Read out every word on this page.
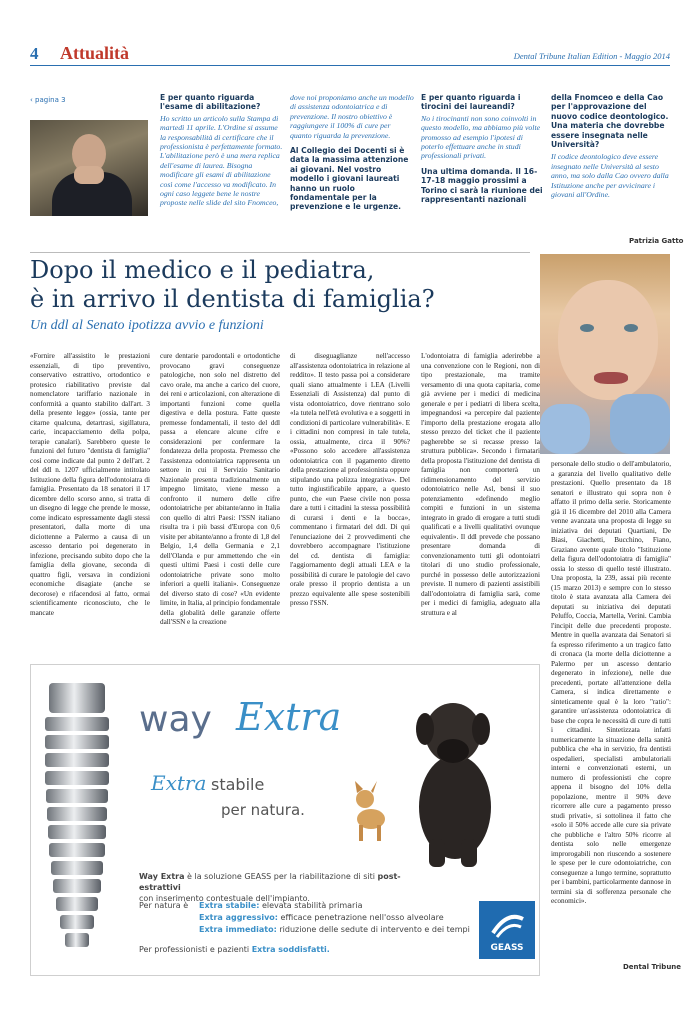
4 Attualità	Dental Tribune Italian Edition - Maggio 2014
‹ pagina 3	E per quanto riguarda l'esame di abilitazione?
Ho scritto un articolo sulla Stampa di martedì 11 aprile. L'Ordine si assume la responsabilità di certificare che il professionista è perfettamente formato. L'abilitazione però è una mera replica dell'esame di laurea. Bisogna modificare gli esami di abilitazione così come l'accesso va modificato. In ogni caso leggete bene le nostre proposte nelle slide del sito Fnomceo,
dove noi proponiamo anche un modello di assistenza odontoiatrica e di prevenzione. Il nostro obiettivo è raggiungere il 100% di cure per quanto riguarda la prevenzione.
Al Collegio dei Docenti si è data la massima attenzione ai giovani. Nel vostro modello i giovani laureati hanno un ruolo fondamentale per la prevenzione e le urgenze.
E per quanto riguarda i tirocini dei laureandi?
No i tirocinanti non sono coinvolti in questo modello, ma abbiamo più volte promosso ad esempio l'ipotesi di poterlo effettuare anche in studi professionali privati.
Una ultima domanda. Il 16-17-18 maggio prossimi a Torino ci sarà la riunione dei rappresentanti nazionali
della Fnomceo e della Cao per l'approvazione del nuovo codice deontologico. Una materia che dovrebbe essere insegnata nelle Università?
Il codice deontologico deve essere insegnato nelle Università al sesto anno, ma solo dalla Cao ovvero dalla Istituzione anche per avvicinare i giovani all'Ordine.
Patrizia Gatto
Dopo il medico e il pediatra,
è in arrivo il dentista di famiglia?
Un ddl al Senato ipotizza avvio e funzioni

«Fornire all'assistito le prestazioni essenziali, di tipo preventivo, conservativo estrattivo, ortodontico e protesico riabilitativo previste dal nomenclatore tariffario nazionale in conformità a quanto stabilito dall'art. 3 della presente legge» (ossia, tante per citarne qualcuna, detartrasi, sigillatura, carie, incapacciamento della polpa, terapie canalari). Sarebbero queste le funzioni del futuro "dentista di famiglia" così come indicate dal punto 2 dell'art. 2 del ddl n. 1207 ufficialmente intitolato Istituzione della figura dell'odontoiatra di famiglia. Presentato da 18 senatori il 17 dicembre dello scorso anno, si tratta di un disegno di legge che prende le mosse, come indicato espressamente dagli stessi presentatori, dalla morte di una diciottenne a Palermo a causa di un ascesso dentario poi degenerato in infezione, precisando subito dopo che la famiglia della giovane, seconda di quattro figli, versava in condizioni economiche disagiate (anche se decorose) e rifacendosi al fatto, ormai scientificamente riconosciuto, che le mancate

cure dentarie parodontali e ortodontiche provocano gravi conseguenze patologiche, non solo nel distretto del cavo orale, ma anche a carico del cuore, dei reni e articolazioni, con alterazione di importanti funzioni come quella digestiva e della postura. Fatte queste premesse fondamentali, il testo del ddl passa a elencare alcune cifre e considerazioni per confermare la fondatezza della proposta. Premesso che l'assistenza odontoiatrica rappresenta un settore in cui il Servizio Sanitario Nazionale presenta tradizionalmente un impegno limitato, viene messo a confronto il numero delle cifre odontoiatriche per abitante/anno in Italia con quello di altri Paesi: l'SSN italiano risulta tra i più bassi d'Europa con 0,6 visite per abitante/anno a fronte di 1,8 del Belgio, 1,4 della Germania e 2,1 dell'Olanda e pur ammettendo che «in questi ultimi Paesi i costi delle cure odontoiatriche private sono molto inferiori a quelli italiani». Conseguenze del diverso stato di cose? «Un evidente limite, in Italia, al principio fondamentale della globalità delle garanzie offerte dall'SSN e la creazione

di diseguaglianze nell'accesso all'assistenza odontoiatrica in relazione al reddito». Il testo passa poi a considerare quali siano attualmente i LEA (Livelli Essenziali di Assistenza) dal punto di vista odontoiatrico, dove rientrano solo «la tutela nell'età evolutiva e a soggetti in condizioni di particolare vulnerabilità». E i cittadini non compresi in tale tutela, ossia, attualmente, circa il 90%? «Possono solo accedere all'assistenza odontoiatrica con il pagamento diretto della prestazione al professionista oppure stipulando una polizza integrativa». Del tutto ingiustificabile appare, a questo punto, che «un Paese civile non possa dare a tutti i cittadini la stessa possibilità di curarsi i denti e la bocca», commentano i firmatari del ddl. Di qui l'enunciazione dei 2 provvedimenti che dovrebbero accompagnare l'istituzione del cd. dentista di famiglia: l'aggiornamento degli attuali LEA e la possibilità di curare le patologie del cavo orale presso il proprio dentista a un prezzo equivalente alle spese sostenibili presso l'SSN.

L'odontoiatra di famiglia aderirebbe a una convenzione con le Regioni, non di tipo prestazionale, ma tramite versamento di una quota capitaria, come già avviene per i medici di medicina generale e per i pediatri di libera scelta, impegnandosi «a percepire dal paziente l'importo della prestazione erogata allo stesso prezzo del ticket che il paziente pagherebbe se si recasse presso la struttura pubblica». Secondo i firmatari della proposta l'istituzione del dentista di famiglia non comporterà un ridimensionamento del servizio odontoiatrico nelle Asl, bensì il suo potenziamento «definendo meglio compiti e funzioni in un sistema integrato in grado di erogare a tutti studi qualificati e a livelli qualitativi ovunque equivalenti». Il ddl prevede che possano presentare domanda di convenzionamento tutti gli odontoiatri titolari di uno studio professionale, purché in possesso delle autorizzazioni previste. Il numero di pazienti assistibili dall'odontoiatra di famiglia sarà, come per i medici di famiglia, adeguato alla struttura e al

personale dello studio o dell'ambulatorio, a garanzia del livello qualitativo delle prestazioni. Quello presentato da 18 senatori e illustrato qui sopra non è affatto il primo della serie. Storicamente già il 16 dicembre del 2010 alla Camera venne avanzata una proposta di legge su iniziativa dei deputati Quartiani, De Biasi, Giachetti, Bucchino, Fiano, Graziano avente quale titolo "Istituzione della figura dell'odontoiatra di famiglia" ossia lo stesso di quello testé illustrato. Una proposta, la 239, assai più recente (15 marzo 2013) e sempre con lo stesso titolo è stata avanzata alla Camera dei deputati su iniziativa dei deputati Peluffo, Coccia, Martella, Verini. Cambia l'incipit delle due precedenti proposte. Mentre in quella avanzata dai Senatori si fa espresso riferimento a un tragico fatto di cronaca (la morte della diciottenne a Palermo per un ascesso dentario degenerato in infezione), nelle due precedenti, portate all'attenzione della Camera, si indica direttamente e sinteticamente qual è la loro "ratio": garantire un'assistenza odontoiatrica di base che copra le necessità di cure di tutti i cittadini. Sintetizzata infatti numericamente la situazione della sanità pubblica che «ha in servizio, fra dentisti ospedalieri, specialisti ambulatoriali interni e convenzionati esterni, un numero di professionisti che copre appena il bisogno del 10% della popolazione, mentre il 90% deve ricorrere alle cure a pagamento presso studi privati», si sottolinea il fatto che «solo il 50% accede alle cure sia private che pubbliche e l'altro 50% ricorre al dentista solo nelle emergenze improrogabili non riuscendo a sostenere le spese per le cure odontoiatriche, con conseguenze a lungo termine, soprattutto per i bambini, particolarmente dannose in termini sia di sofferenza personale che economici».

Dental Tribune
way Extra
Extra stabile
per natura.
Way Extra è la soluzione GEASS per la riabilitazione di siti post-estrattivi
con inserimento contestuale dell'impianto.
Per natura è Extra stabile: elevata stabilità primaria
Extra aggressivo: efficace penetrazione nell'osso alveolare
Extra immediato: riduzione delle sedute di intervento e dei tempi
Per professionisti e pazienti Extra soddisfatti.	GEASS
